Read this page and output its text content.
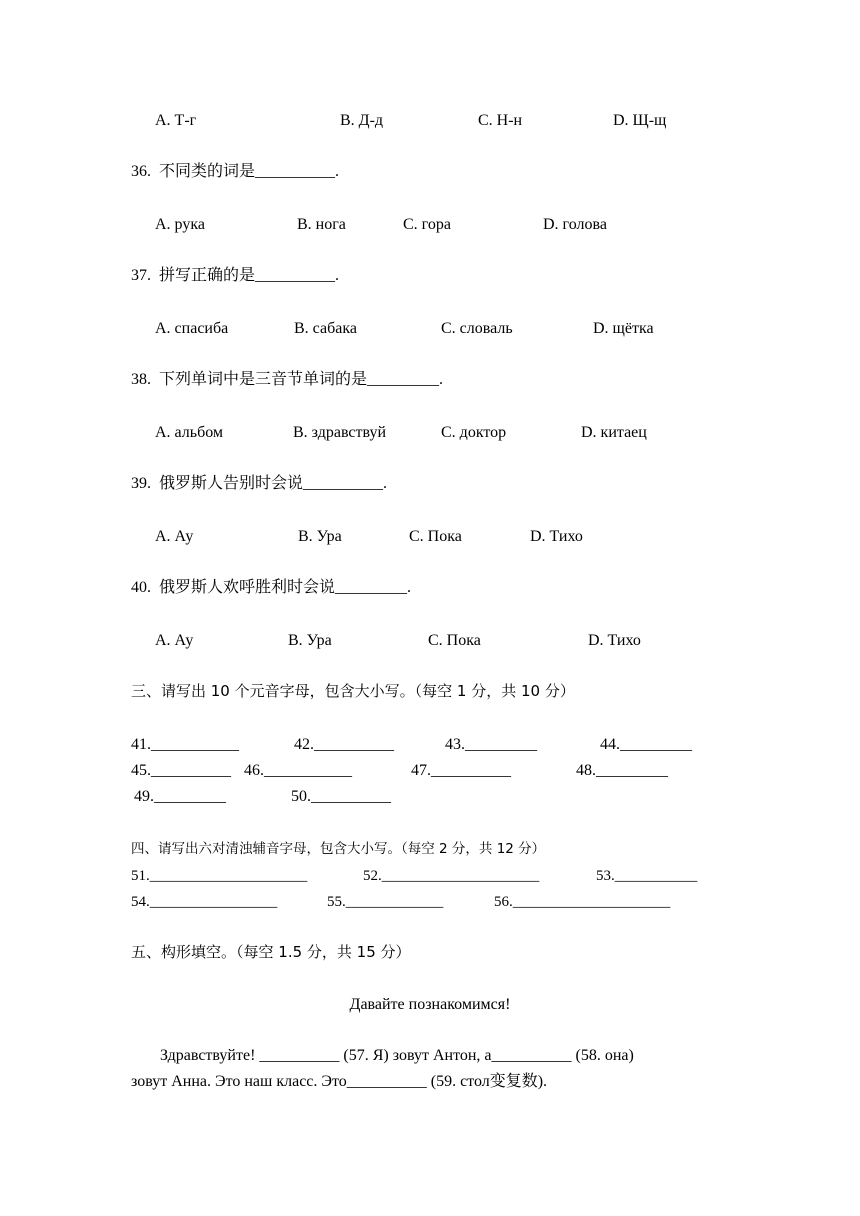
A. Т-г	B. Д-д	C. Н-н	D. Щ-щ
36.  不同类的词是__________.
A. рука	B. нога	C. гора	D. голова
37.  拼写正确的是__________.
A. спасиба	B. сабака	C. словаль	D. щётка
38.  下列单词中是三音节单词的是_________.
A. альбом	B. здравствуй	C. доктор	D. китаец
39.  俄罗斯人告别时会说__________.
A. Ау	B. Ура	C. Пока	D. Тихо
40.  俄罗斯人欢呼胜利时会说_________.
A. Ау	B. Ура	C. Пока	D. Тихо
三、请写出 10 个元音字母，包含大小写。（每空 1 分，共 10 分）
41.___________	42.__________	43._________	44._________
45.__________ 46.___________	47.__________	48._________
49._________	50.__________
四、请写出六对清浊辅音字母，包含大小写。（每空 2 分，共 12 分）
51._____________________	52._____________________	53.___________
54._________________	55._____________	56._____________________
五、构形填空。（每空 1.5 分，共 15 分）
Давайте познакомимся!
Здравствуйте! __________ (57. Я) зовут Антон, а__________ (58. она)
зовут Анна. Это наш класс. Это__________ (59. стол变复数).
